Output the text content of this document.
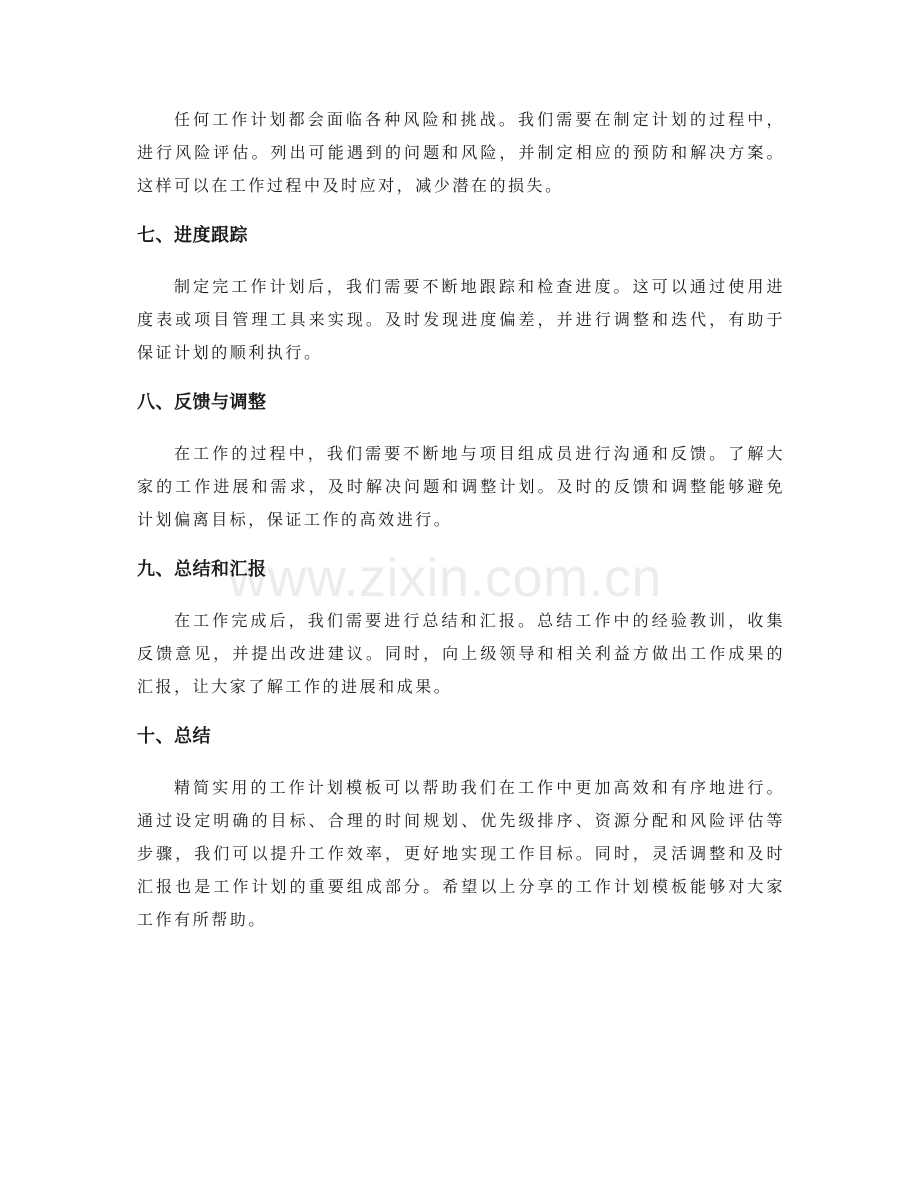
任何工作计划都会面临各种风险和挑战。我们需要在制定计划的过程中，进行风险评估。列出可能遇到的问题和风险，并制定相应的预防和解决方案。这样可以在工作过程中及时应对，减少潜在的损失。

七、进度跟踪

制定完工作计划后，我们需要不断地跟踪和检查进度。这可以通过使用进度表或项目管理工具来实现。及时发现进度偏差，并进行调整和迭代，有助于保证计划的顺利执行。

八、反馈与调整

在工作的过程中，我们需要不断地与项目组成员进行沟通和反馈。了解大家的工作进展和需求，及时解决问题和调整计划。及时的反馈和调整能够避免计划偏离目标，保证工作的高效进行。

九、总结和汇报

在工作完成后，我们需要进行总结和汇报。总结工作中的经验教训，收集反馈意见，并提出改进建议。同时，向上级领导和相关利益方做出工作成果的汇报，让大家了解工作的进展和成果。

十、总结

精简实用的工作计划模板可以帮助我们在工作中更加高效和有序地进行。通过设定明确的目标、合理的时间规划、优先级排序、资源分配和风险评估等步骤，我们可以提升工作效率，更好地实现工作目标。同时，灵活调整和及时汇报也是工作计划的重要组成部分。希望以上分享的工作计划模板能够对大家工作有所帮助。

www.zixin.com.cn
